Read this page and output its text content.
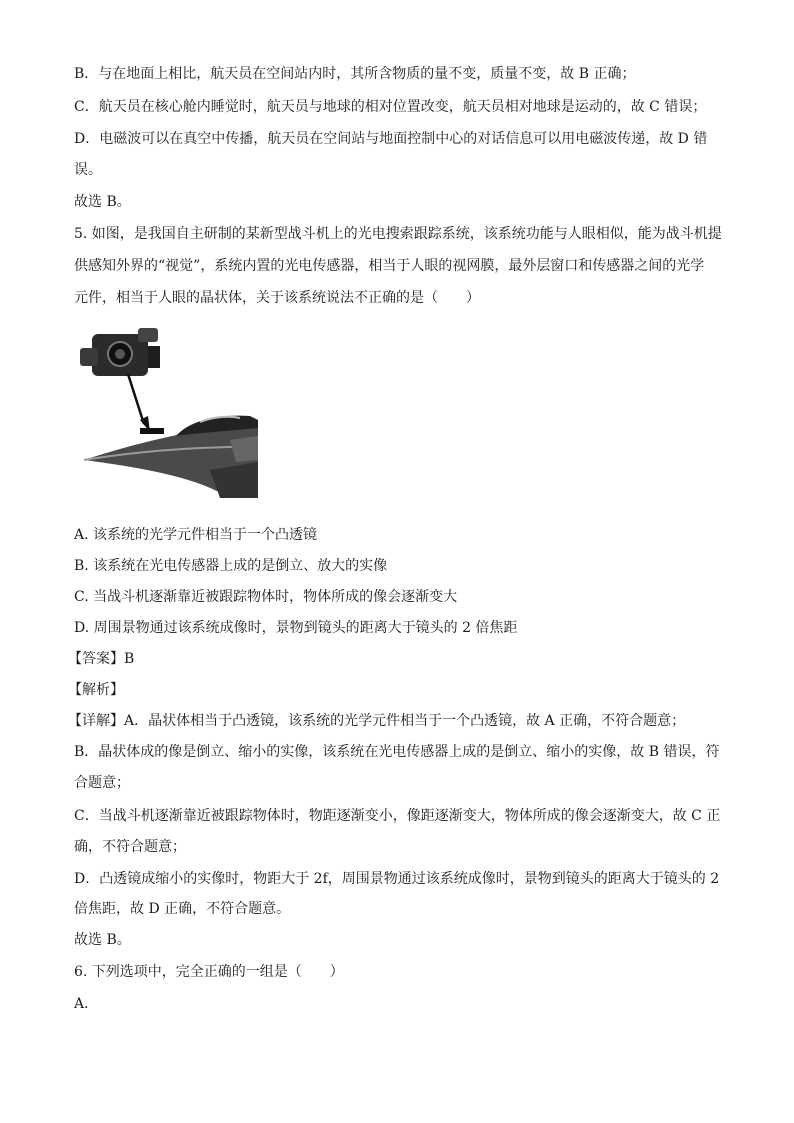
B．与在地面上相比，航天员在空间站内时，其所含物质的量不变，质量不变，故 B 正确；
C．航天员在核心舱内睡觉时，航天员与地球的相对位置改变，航天员相对地球是运动的，故 C 错误；
D．电磁波可以在真空中传播，航天员在空间站与地面控制中心的对话信息可以用电磁波传递，故 D 错
误。
故选 B。
5. 如图，是我国自主研制的某新型战斗机上的光电搜索跟踪系统，该系统功能与人眼相似，能为战斗机提
供感知外界的“视觉”，系统内置的光电传感器，相当于人眼的视网膜，最外层窗口和传感器之间的光学
元件，相当于人眼的晶状体，关于该系统说法不正确的是（　　）
A. 该系统的光学元件相当于一个凸透镜
B. 该系统在光电传感器上成的是倒立、放大的实像
C. 当战斗机逐渐靠近被跟踪物体时，物体所成的像会逐渐变大
D. 周围景物通过该系统成像时，景物到镜头的距离大于镜头的 2 倍焦距
【答案】B
【解析】
【详解】A．晶状体相当于凸透镜，该系统的光学元件相当于一个凸透镜，故 A 正确，不符合题意；
B．晶状体成的像是倒立、缩小的实像，该系统在光电传感器上成的是倒立、缩小的实像，故 B 错误，符
合题意；
C．当战斗机逐渐靠近被跟踪物体时，物距逐渐变小，像距逐渐变大，物体所成的像会逐渐变大，故 C 正
确，不符合题意；
D．凸透镜成缩小的实像时，物距大于 2f，周围景物通过该系统成像时，景物到镜头的距离大于镜头的 2
倍焦距，故 D 正确，不符合题意。
故选 B。
6. 下列选项中，完全正确的一组是（　　）
A．
